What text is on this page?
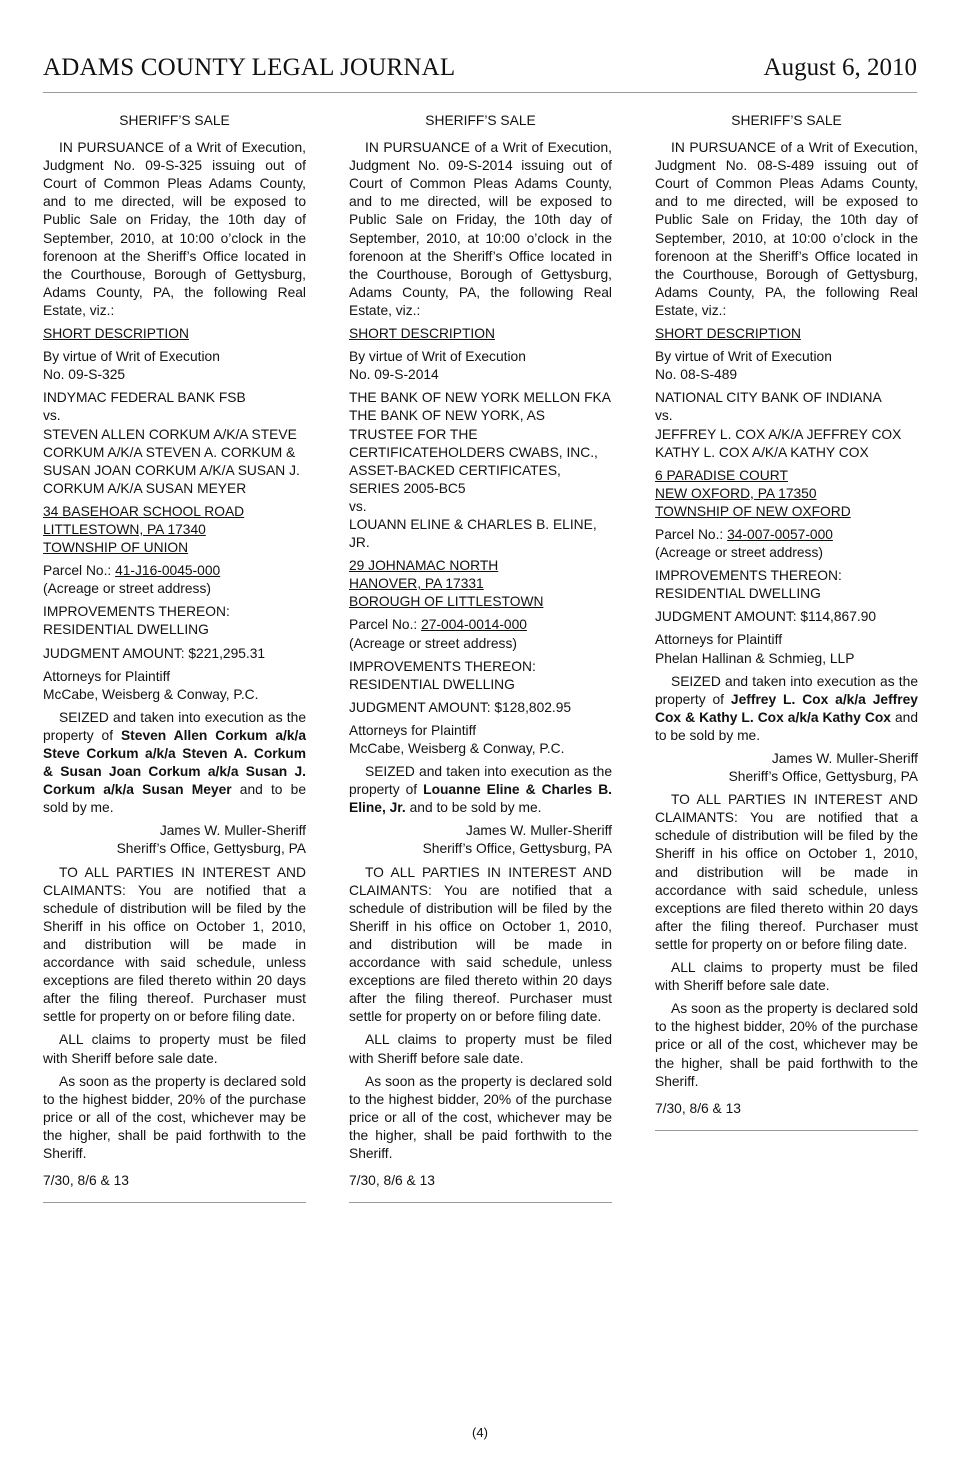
ADAMS COUNTY LEGAL JOURNAL	August 6, 2010

SHERIFF’S SALE

IN PURSUANCE of a Writ of Execution, Judgment No. 09-S-325 issuing out of Court of Common Pleas Adams County, and to me directed, will be exposed to Public Sale on Friday, the 10th day of September, 2010, at 10:00 o’clock in the forenoon at the Sheriff’s Office located in the Courthouse, Borough of Gettysburg, Adams County, PA, the following Real Estate, viz.:

SHORT DESCRIPTION

By virtue of Writ of Execution
No. 09-S-325

INDYMAC FEDERAL BANK FSB
vs.
STEVEN ALLEN CORKUM A/K/A STEVE CORKUM A/K/A STEVEN A. CORKUM & SUSAN JOAN CORKUM A/K/A SUSAN J. CORKUM A/K/A SUSAN MEYER

34 BASEHOAR SCHOOL ROAD
LITTLESTOWN, PA 17340
TOWNSHIP OF UNION

Parcel No.: 41-J16-0045-000
(Acreage or street address)

IMPROVEMENTS THEREON:
RESIDENTIAL DWELLING

JUDGMENT AMOUNT: $221,295.31

Attorneys for Plaintiff
McCabe, Weisberg & Conway, P.C.

SEIZED and taken into execution as the property of Steven Allen Corkum a/k/a Steve Corkum a/k/a Steven A. Corkum & Susan Joan Corkum a/k/a Susan J. Corkum a/k/a Susan Meyer and to be sold by me.

James W. Muller-Sheriff

Sheriff’s Office, Gettysburg, PA

TO ALL PARTIES IN INTEREST AND CLAIMANTS: You are notified that a schedule of distribution will be filed by the Sheriff in his office on October 1, 2010, and distribution will be made in accordance with said schedule, unless exceptions are filed thereto within 20 days after the filing thereof. Purchaser must settle for property on or before filing date.

ALL claims to property must be filed with Sheriff before sale date.

As soon as the property is declared sold to the highest bidder, 20% of the purchase price or all of the cost, whichever may be the higher, shall be paid forthwith to the Sheriff.

7/30, 8/6 & 13

SHERIFF’S SALE

IN PURSUANCE of a Writ of Execution, Judgment No. 09-S-2014 issuing out of Court of Common Pleas Adams County, and to me directed, will be exposed to Public Sale on Friday, the 10th day of September, 2010, at 10:00 o’clock in the forenoon at the Sheriff’s Office located in the Courthouse, Borough of Gettysburg, Adams County, PA, the following Real Estate, viz.:

SHORT DESCRIPTION

By virtue of Writ of Execution
No. 09-S-2014

THE BANK OF NEW YORK MELLON FKA THE BANK OF NEW YORK, AS TRUSTEE FOR THE CERTIFICATEHOLDERS CWABS, INC., ASSET-BACKED CERTIFICATES, SERIES 2005-BC5
vs.
LOUANN ELINE & CHARLES B. ELINE, JR.

29 JOHNAMAC NORTH
HANOVER, PA 17331
BOROUGH OF LITTLESTOWN

Parcel No.: 27-004-0014-000
(Acreage or street address)

IMPROVEMENTS THEREON:
RESIDENTIAL DWELLING

JUDGMENT AMOUNT: $128,802.95

Attorneys for Plaintiff
McCabe, Weisberg & Conway, P.C.

SEIZED and taken into execution as the property of Louanne Eline & Charles B. Eline, Jr. and to be sold by me.

James W. Muller-Sheriff

Sheriff’s Office, Gettysburg, PA

TO ALL PARTIES IN INTEREST AND CLAIMANTS: You are notified that a schedule of distribution will be filed by the Sheriff in his office on October 1, 2010, and distribution will be made in accordance with said schedule, unless exceptions are filed thereto within 20 days after the filing thereof. Purchaser must settle for property on or before filing date.

ALL claims to property must be filed with Sheriff before sale date.

As soon as the property is declared sold to the highest bidder, 20% of the purchase price or all of the cost, whichever may be the higher, shall be paid forthwith to the Sheriff.

7/30, 8/6 & 13

SHERIFF’S SALE

IN PURSUANCE of a Writ of Execution, Judgment No. 08-S-489 issuing out of Court of Common Pleas Adams County, and to me directed, will be exposed to Public Sale on Friday, the 10th day of September, 2010, at 10:00 o’clock in the forenoon at the Sheriff’s Office located in the Courthouse, Borough of Gettysburg, Adams County, PA, the following Real Estate, viz.:

SHORT DESCRIPTION

By virtue of Writ of Execution
No. 08-S-489

NATIONAL CITY BANK OF INDIANA
vs.
JEFFREY L. COX A/K/A JEFFREY COX KATHY L. COX A/K/A KATHY COX

6 PARADISE COURT
NEW OXFORD, PA 17350
TOWNSHIP OF NEW OXFORD

Parcel No.: 34-007-0057-000
(Acreage or street address)

IMPROVEMENTS THEREON:
RESIDENTIAL DWELLING

JUDGMENT AMOUNT: $114,867.90

Attorneys for Plaintiff
Phelan Hallinan & Schmieg, LLP

SEIZED and taken into execution as the property of Jeffrey L. Cox a/k/a Jeffrey Cox & Kathy L. Cox a/k/a Kathy Cox and to be sold by me.

James W. Muller-Sheriff

Sheriff’s Office, Gettysburg, PA

TO ALL PARTIES IN INTEREST AND CLAIMANTS: You are notified that a schedule of distribution will be filed by the Sheriff in his office on October 1, 2010, and distribution will be made in accordance with said schedule, unless exceptions are filed thereto within 20 days after the filing thereof. Purchaser must settle for property on or before filing date.

ALL claims to property must be filed with Sheriff before sale date.

As soon as the property is declared sold to the highest bidder, 20% of the purchase price or all of the cost, whichever may be the higher, shall be paid forthwith to the Sheriff.

7/30, 8/6 & 13

(4)
